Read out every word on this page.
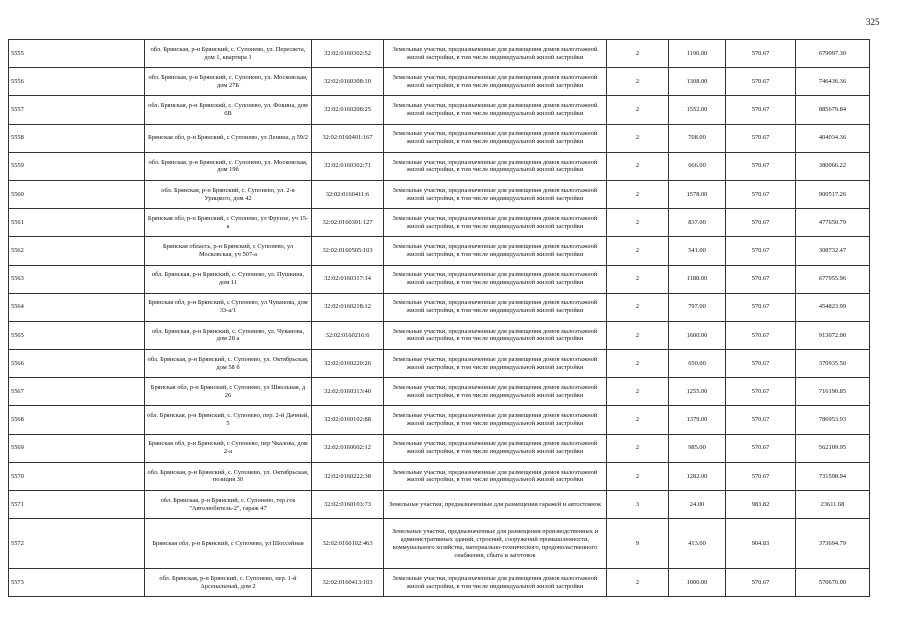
325
5555	обл. Брянская, р-н Брянский, с. Супонево, ул. Пересвета, дом 1, квартира 1	32:02:0160302:52	Земельные участки, предназначенные для размещения домов малоэтажной жилой застройки, в том числе индивидуальной жилой застройки	2	1190.00	570.67	679097.30
5556	обл. Брянская, р-н Брянский, с. Супонево, ул. Московская, дом 27Б	32:02:0160308:10	Земельные участки, предназначенные для размещения домов малоэтажной жилой застройки, в том числе индивидуальной жилой застройки	2	1308.00	570.67	746436.36
5557	обл. Брянская, р-н Брянский, с. Супонево, ул. Фокина, дом 6В	32:02:0160208:25	Земельные участки, предназначенные для размещения домов малоэтажной жилой застройки, в том числе индивидуальной жилой застройки	2	1552.00	570.67	885679.84
5558	Брянская обл, р-н Брянский, с Супонево, ул Ленина, д 59/2	32:02:0160401:167	Земельные участки, предназначенные для размещения домов малоэтажной жилой застройки, в том числе индивидуальной жилой застройки	2	708.00	570.67	404034.36
5559	обл. Брянская, р-н Брянский, с. Супонево, ул. Московская, дом 19б	32:02:0160302:71	Земельные участки, предназначенные для размещения домов малоэтажной жилой застройки, в том числе индивидуальной жилой застройки	2	666.00	570.67	380066.22
5560	обл. Брянская, р-н Брянский, с. Супонево, ул. 2-я Урицкого, дом 42	32:02:0160411:6	Земельные участки, предназначенные для размещения домов малоэтажной жилой застройки, в том числе индивидуальной жилой застройки	2	1578.00	570.67	900517.26
5561	Брянская обл, р-н Брянский, с Супонево, ул Фрунзе, уч 15-а	32:02:0160301:127	Земельные участки, предназначенные для размещения домов малоэтажной жилой застройки, в том числе индивидуальной жилой застройки	2	837.00	570.67	477650.79
5562	Брянская область, р-н Брянский, с Супонево, ул Московская, уч 507-а	32:02:0160505:103	Земельные участки, предназначенные для размещения домов малоэтажной жилой застройки, в том числе индивидуальной жилой застройки	2	541.00	570.67	308732.47
5563	обл. Брянская, р-н Брянский, с. Супонево, ул. Пушкина, дом 11	32:02:0160317:14	Земельные участки, предназначенные для размещения домов малоэтажной жилой застройки, в том числе индивидуальной жилой застройки	2	1188.00	570.67	677955.96
5564	Брянская обл, р-н Брянский, с Супонево, ул Чуванова, дом 33-а/1	32:02:0160218:12	Земельные участки, предназначенные для размещения домов малоэтажной жилой застройки, в том числе индивидуальной жилой застройки	2	797.00	570.67	454823.99
5565	обл. Брянская, р-н Брянский, с. Супонево, ул. Чуванова, дом 28 а	32:02:0160216:6	Земельные участки, предназначенные для размещения домов малоэтажной жилой застройки, в том числе индивидуальной жилой застройки	2	1600.00	570.67	913072.00
5566	обл. Брянская, р-н Брянский, с. Супонево, ул. Октябрьская, дом 58 б	32:02:0160220:26	Земельные участки, предназначенные для размещения домов малоэтажной жилой застройки, в том числе индивидуальной жилой застройки	2	650.00	570.67	370935.50
5567	Брянская обл, р-н Брянский, с Супонево, ул Школьная, д 26	32:02:0160313:40	Земельные участки, предназначенные для размещения домов малоэтажной жилой застройки, в том числе индивидуальной жилой застройки	2	1255.00	570.67	716190.85
5568	обл. Брянская, р-н Брянский, с. Супонево, пер. 2-й Дачный, 5	32:02:0160102:88	Земельные участки, предназначенные для размещения домов малоэтажной жилой застройки, в том числе индивидуальной жилой застройки	2	1379.00	570.67	786953.93
5569	Брянская обл, р-н Брянский, с Супонево, пер Чкалова, дом 2-а	32:02:0160602:12	Земельные участки, предназначенные для размещения домов малоэтажной жилой застройки, в том числе индивидуальной жилой застройки	2	985.00	570.67	562109.95
5570	обл. Брянская, р-н Брянский, с. Супонево, ул. Октябрьская, позиция 30	32:02:0160222:38	Земельные участки, предназначенные для размещения домов малоэтажной жилой застройки, в том числе индивидуальной жилой застройки	2	1282.00	570.67	731598.94
5571	обл. Брянская, р-н Брянский, с. Супонево, тер.гск "Автолюбитель-2", гараж 47	32:02:0160103:73	Земельные участки, предназначенные для размещения гаражей и автостоянок	3	24.00	983.82	23611.68
5572	Брянская обл, р-н Брянский, с Супонево, ул Шоссейная	32:02:0160102:463	Земельные участки, предназначенные для размещения производственных и административных зданий, строений, сооружений промышленности, коммунального хозяйства, материально-технического, продовольственного снабжения, сбыта и заготовок	9	413.00	904.83	373694.79
5573	обл. Брянская, р-н Брянский, с. Супонево, пер. 1-й Арсенальный, дом 2	32:02:0160413:103	Земельные участки, предназначенные для размещения домов малоэтажной жилой застройки, в том числе индивидуальной жилой застройки	2	1000.00	570.67	570670.00
